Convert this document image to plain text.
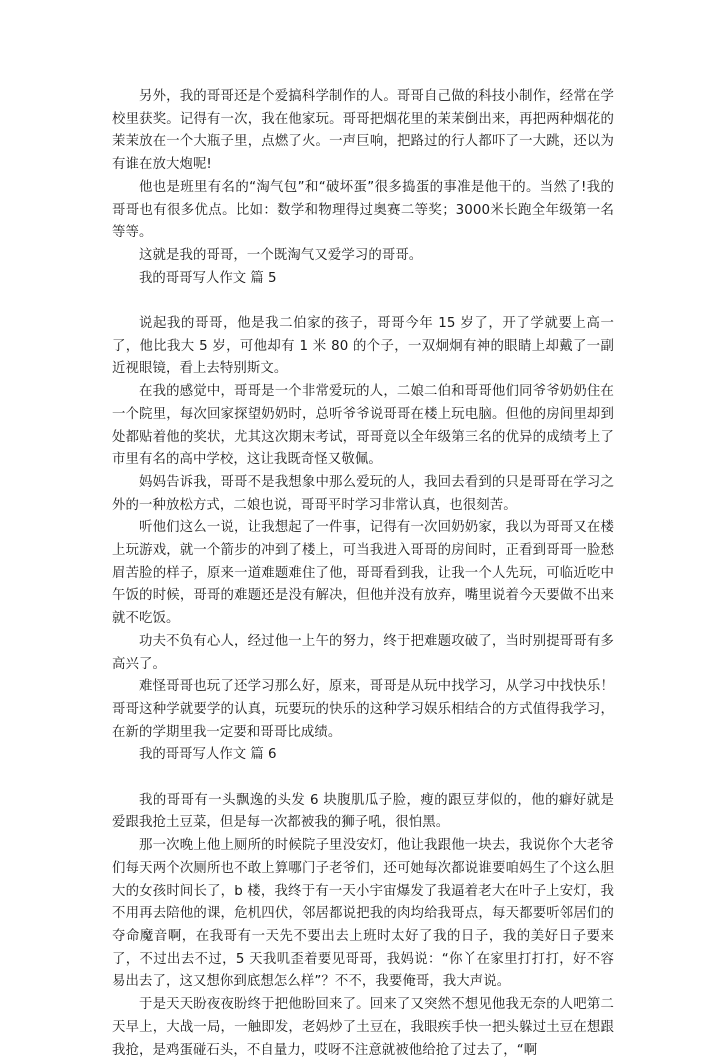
另外，我的哥哥还是个爱搞科学制作的人。哥哥自己做的科技小制作，经常在学校里获奖。记得有一次，我在他家玩。哥哥把烟花里的茉茉倒出来，再把两种烟花的茉茉放在一个大瓶子里，点燃了火。一声巨响，把路过的行人都吓了一大跳，还以为有谁在放大炮呢!

他也是班里有名的“淘气包”和“破坏蛋”很多捣蛋的事准是他干的。当然了!我的哥哥也有很多优点。比如：数学和物理得过奥赛二等奖；3000米长跑全年级第一名等等。

这就是我的哥哥，一个既淘气又爱学习的哥哥。

我的哥哥写人作文 篇 5

说起我的哥哥，他是我二伯家的孩子，哥哥今年 15 岁了，开了学就要上高一了，他比我大 5 岁，可他却有 1 米 80 的个子，一双炯炯有神的眼睛上却戴了一副近视眼镜，看上去特别斯文。

在我的感觉中，哥哥是一个非常爱玩的人，二娘二伯和哥哥他们同爷爷奶奶住在一个院里，每次回家探望奶奶时，总听爷爷说哥哥在楼上玩电脑。但他的房间里却到处都贴着他的奖状，尤其这次期末考试，哥哥竟以全年级第三名的优异的成绩考上了市里有名的高中学校，这让我既奇怪又敬佩。

妈妈告诉我，哥哥不是我想象中那么爱玩的人，我回去看到的只是哥哥在学习之外的一种放松方式，二娘也说，哥哥平时学习非常认真，也很刻苦。

听他们这么一说，让我想起了一件事，记得有一次回奶奶家，我以为哥哥又在楼上玩游戏，就一个箭步的冲到了楼上，可当我进入哥哥的房间时，正看到哥哥一脸愁眉苦脸的样子，原来一道难题难住了他，哥哥看到我，让我一个人先玩，可临近吃中午饭的时候，哥哥的难题还是没有解决，但他并没有放弃，嘴里说着今天要做不出来就不吃饭。

功夫不负有心人，经过他一上午的努力，终于把难题攻破了，当时别提哥哥有多高兴了。

难怪哥哥也玩了还学习那么好，原来，哥哥是从玩中找学习，从学习中找快乐！哥哥这种学就要学的认真，玩要玩的快乐的这种学习娱乐相结合的方式值得我学习，在新的学期里我一定要和哥哥比成绩。

我的哥哥写人作文 篇 6

我的哥哥有一头飘逸的头发 6 块腹肌瓜子脸，瘦的跟豆芽似的，他的癖好就是爱跟我抢土豆菜，但是每一次都被我的狮子吼，很怕黑。

那一次晚上他上厕所的时候院子里没安灯，他让我跟他一块去，我说你个大老爷们每天两个次厕所也不敢上算哪门子老爷们，还可她每次都说谁要咱妈生了个这么胆大的女孩时间长了，b 楼，我终于有一天小宇宙爆发了我逼着老大在叶子上安灯，我不用再去陪他的课，危机四伏，邻居都说把我的肉均给我哥点，每天都要听邻居们的夺命魔音啊，在我哥有一天先不要出去上班时太好了我的日子，我的美好日子要来了，不过出去不过，5 天我叽歪着要见哥哥，我妈说：“你丫在家里打打打，好不容易出去了，这又想你到底想怎么样”？不不，我要俺哥，我大声说。

于是天天盼夜夜盼终于把他盼回来了。回来了又突然不想见他我无奈的人吧第二天早上，大战一局，一触即发，老妈炒了土豆在，我眼疾手快一把头躲过土豆在想跟我抢，是鸡蛋碰石头，不自量力，哎呀不注意就被他给抢了过去了，“啊
